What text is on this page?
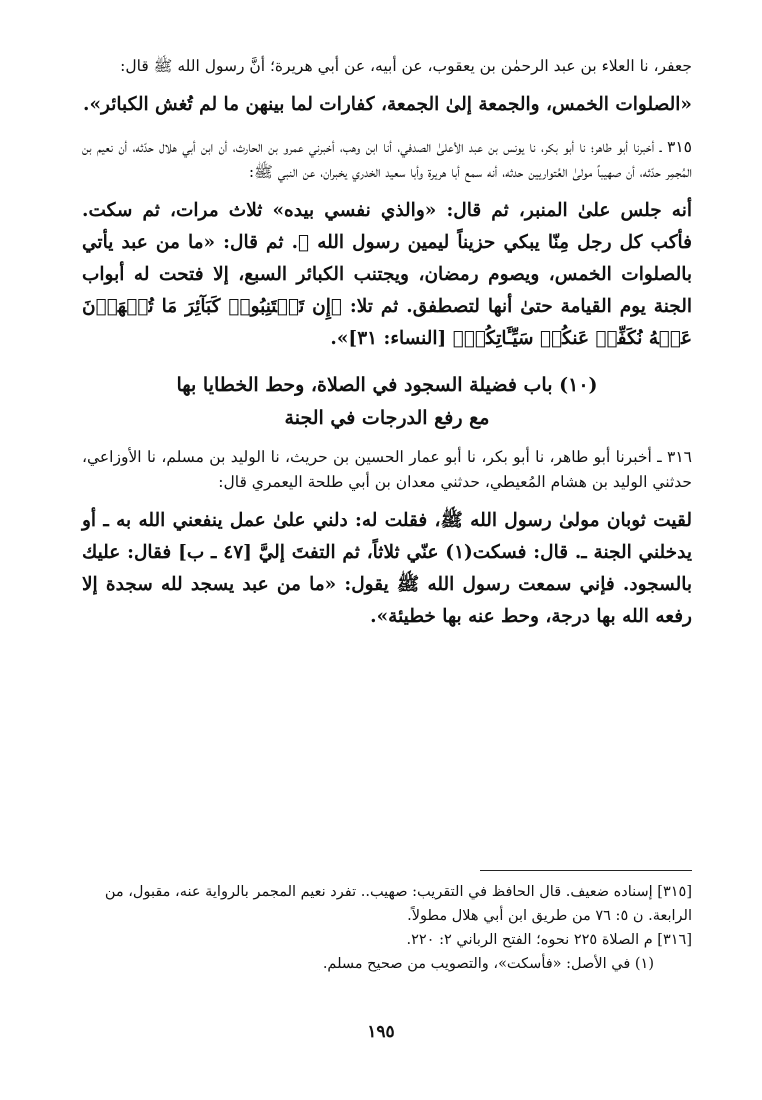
جعفر، نا العلاء بن عبد الرحمٰن بن يعقوب، عن أبيه، عن أبي هريرة؛ أنَّ رسول الله ﷺ قال:

«الصلوات الخمس، والجمعة إلىٰ الجمعة، كفارات لما بينهن ما لم تُغش الكبائر».

٣١٥ ـ أخبرنا أبو طاهر؛ نا أبو بكر، نا يونس بن عبد الأعلىٰ الصدفي، أنا ابن وهب، أخبرني عمرو بن الحارث، أن ابن أبي هلال حدّثه، أن نعيم بن المُجمِر حدّثه، أن صهيباً مولىٰ العُتواريين حدثه، أنه سمع أبا هريرة وأبا سعيد الخدري يخبران، عن النبي ﷺ:

أنه جلس علىٰ المنبر، ثم قال: «والذي نفسي بيده» ثلاث مرات، ثم سكت. فأكب كل رجل مِنّا يبكي حزيناً ليمين رسول الله ﷺ. ثم قال: «ما من عبد يأتي بالصلوات الخمس، ويصوم رمضان، ويجتنب الكبائر السبع، إلا فتحت له أبواب الجنة يوم القيامة حتىٰ أنها لتصطفق. ثم تلا: ﴿إِن تَجۡتَنِبُوا۟ كَبَآئِرَ مَا تُنۡهَوۡنَ عَنۡهُ نُكَفِّرۡ عَنكُمۡ سَيِّـَٔاتِكُمۡ﴾ [النساء: ٣١]».

(١٠) باب فضيلة السجود في الصلاة، وحط الخطايا بها

مع رفع الدرجات في الجنة

٣١٦ ـ أخبرنا أبو طاهر، نا أبو بكر، نا أبو عمار الحسين بن حريث، نا الوليد بن مسلم، نا الأوزاعي، حدثني الوليد بن هشام المُعيطي، حدثني معدان بن أبي طلحة اليعمري قال:

لقيت ثوبان مولىٰ رسول الله ﷺ، فقلت له: دلني علىٰ عمل ينفعني الله به ـ أو يدخلني الجنة ـ. قال: فسكت(١) عنّي ثلاثاً، ثم التفتَ إليَّ [٤٧ ـ ب] فقال: عليك بالسجود. فإني سمعت رسول الله ﷺ يقول: «ما من عبد يسجد لله سجدة إلا رفعه الله بها درجة، وحط عنه بها خطيئة».

[٣١٥] إسناده ضعيف. قال الحافظ في التقريب: صهيب.. تفرد نعيم المجمر بالرواية عنه، مقبول، من الرابعة. ن ٥: ٧٦ من طريق ابن أبي هلال مطولاً.

[٣١٦] م الصلاة ٢٢٥ نحوه؛ الفتح الرباني ٢: ٢٢٠.

(١) في الأصل: «فأسكت»، والتصويب من صحيح مسلم.

١٩٥
